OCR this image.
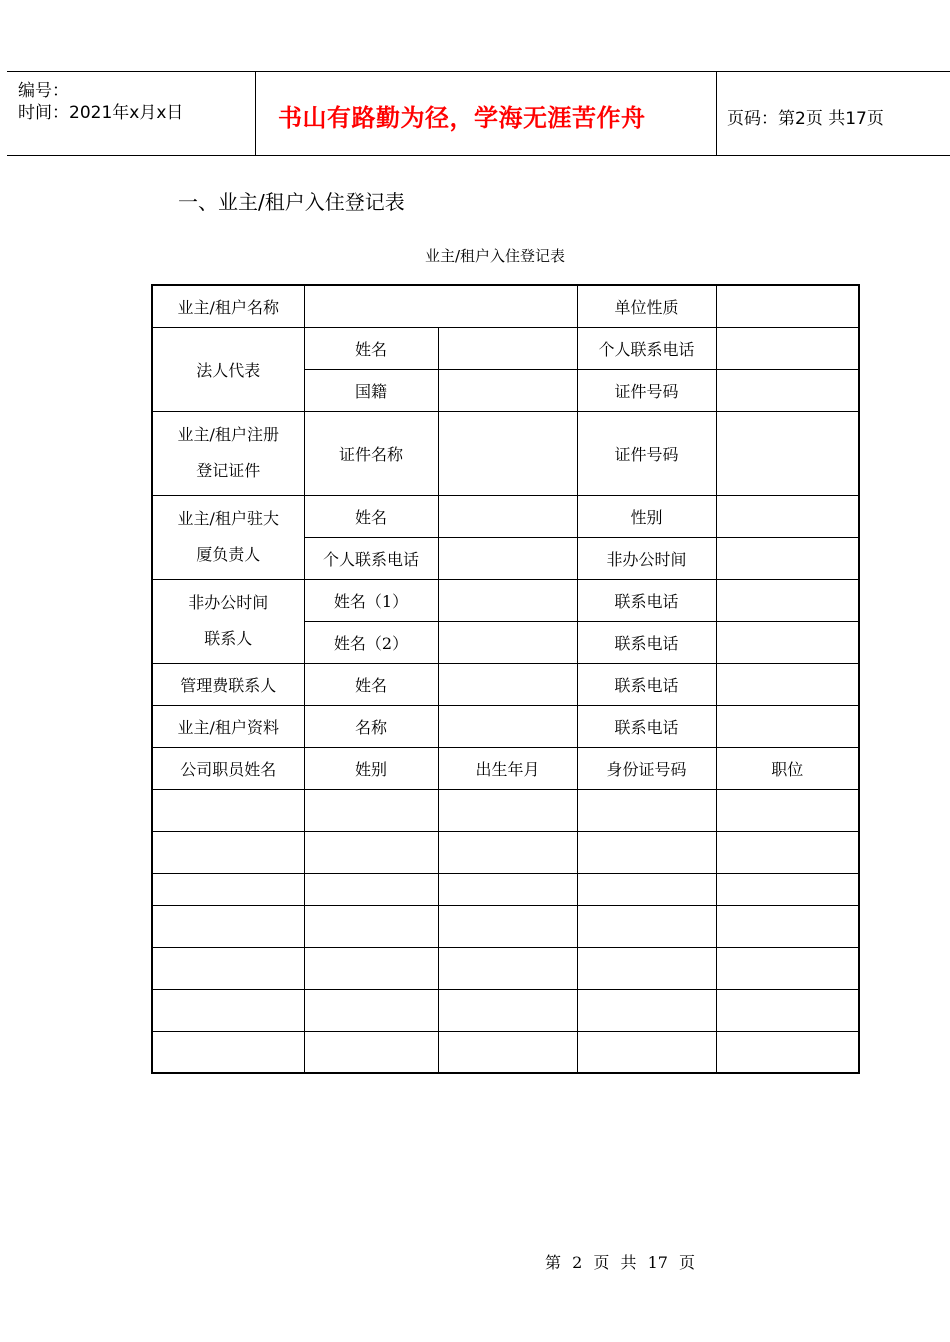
编号：
时间：2021年x月x日	书山有路勤为径，学海无涯苦作舟	页码：第2页 共17页
一、业主/租户入住登记表
业主/租户入住登记表
业主/租户名称			单位性质	
法人代表	姓名		个人联系电话	
	国籍		证件号码	
业主/租户注册登记证件	证件名称		证件号码	
业主/租户驻大厦负责人	姓名		性别	
	个人联系电话		非办公时间	
非办公时间联系人	姓名（1）		联系电话	
	姓名（2）		联系电话	
管理费联系人	姓名		联系电话	
业主/租户资料	名称		联系电话	
公司职员姓名	姓别	出生年月	身份证号码	职位

第 2 页 共 17 页
